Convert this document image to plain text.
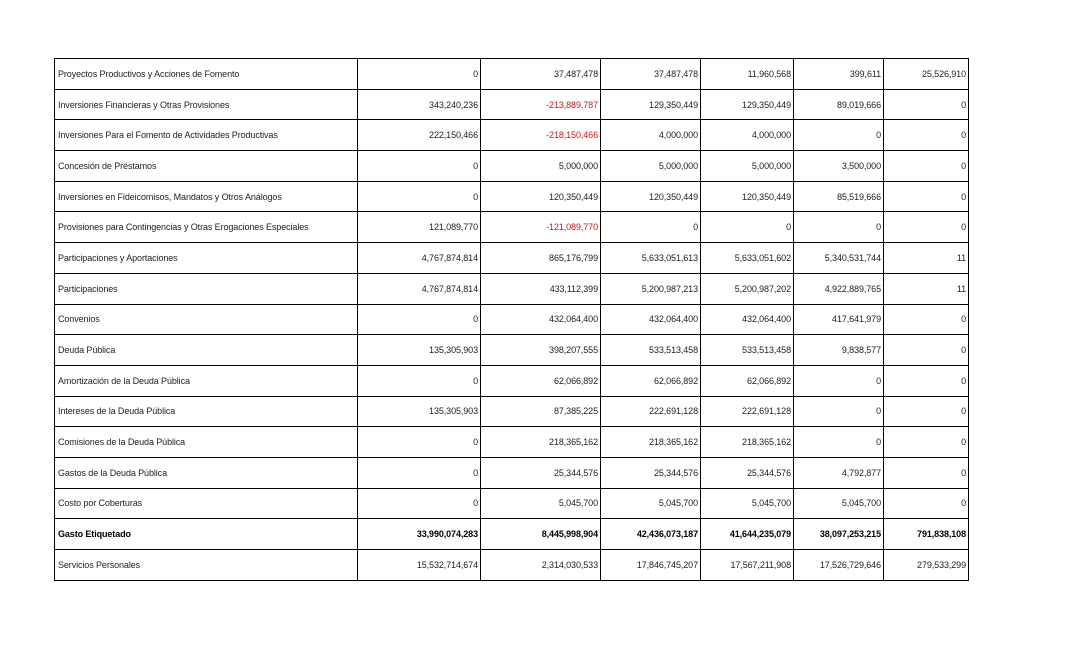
Proyectos Productivos y Acciones de Fomento	0	37,487,478	37,487,478	11,960,568	399,611	25,526,910
Inversiones Financieras y Otras Provisiones	343,240,236	-213,889,787	129,350,449	129,350,449	89,019,666	0
Inversiones Para el Fomento de Actividades Productivas	222,150,466	-218,150,466	4,000,000	4,000,000	0	0
Concesión de Préstamos	0	5,000,000	5,000,000	5,000,000	3,500,000	0
Inversiones en Fideicomisos, Mandatos y Otros Análogos	0	120,350,449	120,350,449	120,350,449	85,519,666	0
Provisiones para Contingencias y Otras Erogaciones Especiales	121,089,770	-121,089,770	0	0	0	0
Participaciones y Aportaciones	4,767,874,814	865,176,799	5,633,051,613	5,633,051,602	5,340,531,744	11
Participaciones	4,767,874,814	433,112,399	5,200,987,213	5,200,987,202	4,922,889,765	11
Convenios	0	432,064,400	432,064,400	432,064,400	417,641,979	0
Deuda Pública	135,305,903	398,207,555	533,513,458	533,513,458	9,838,577	0
Amortización de la Deuda Pública	0	62,066,892	62,066,892	62,066,892	0	0
Intereses de la Deuda Pública	135,305,903	87,385,225	222,691,128	222,691,128	0	0
Comisiones de la Deuda Pública	0	218,365,162	218,365,162	218,365,162	0	0
Gastos de la Deuda Pública	0	25,344,576	25,344,576	25,344,576	4,792,877	0
Costo por Coberturas	0	5,045,700	5,045,700	5,045,700	5,045,700	0
Gasto Etiquetado	33,990,074,283	8,445,998,904	42,436,073,187	41,644,235,079	38,097,253,215	791,838,108
Servicios Personales	15,532,714,674	2,314,030,533	17,846,745,207	17,567,211,908	17,526,729,646	279,533,299
